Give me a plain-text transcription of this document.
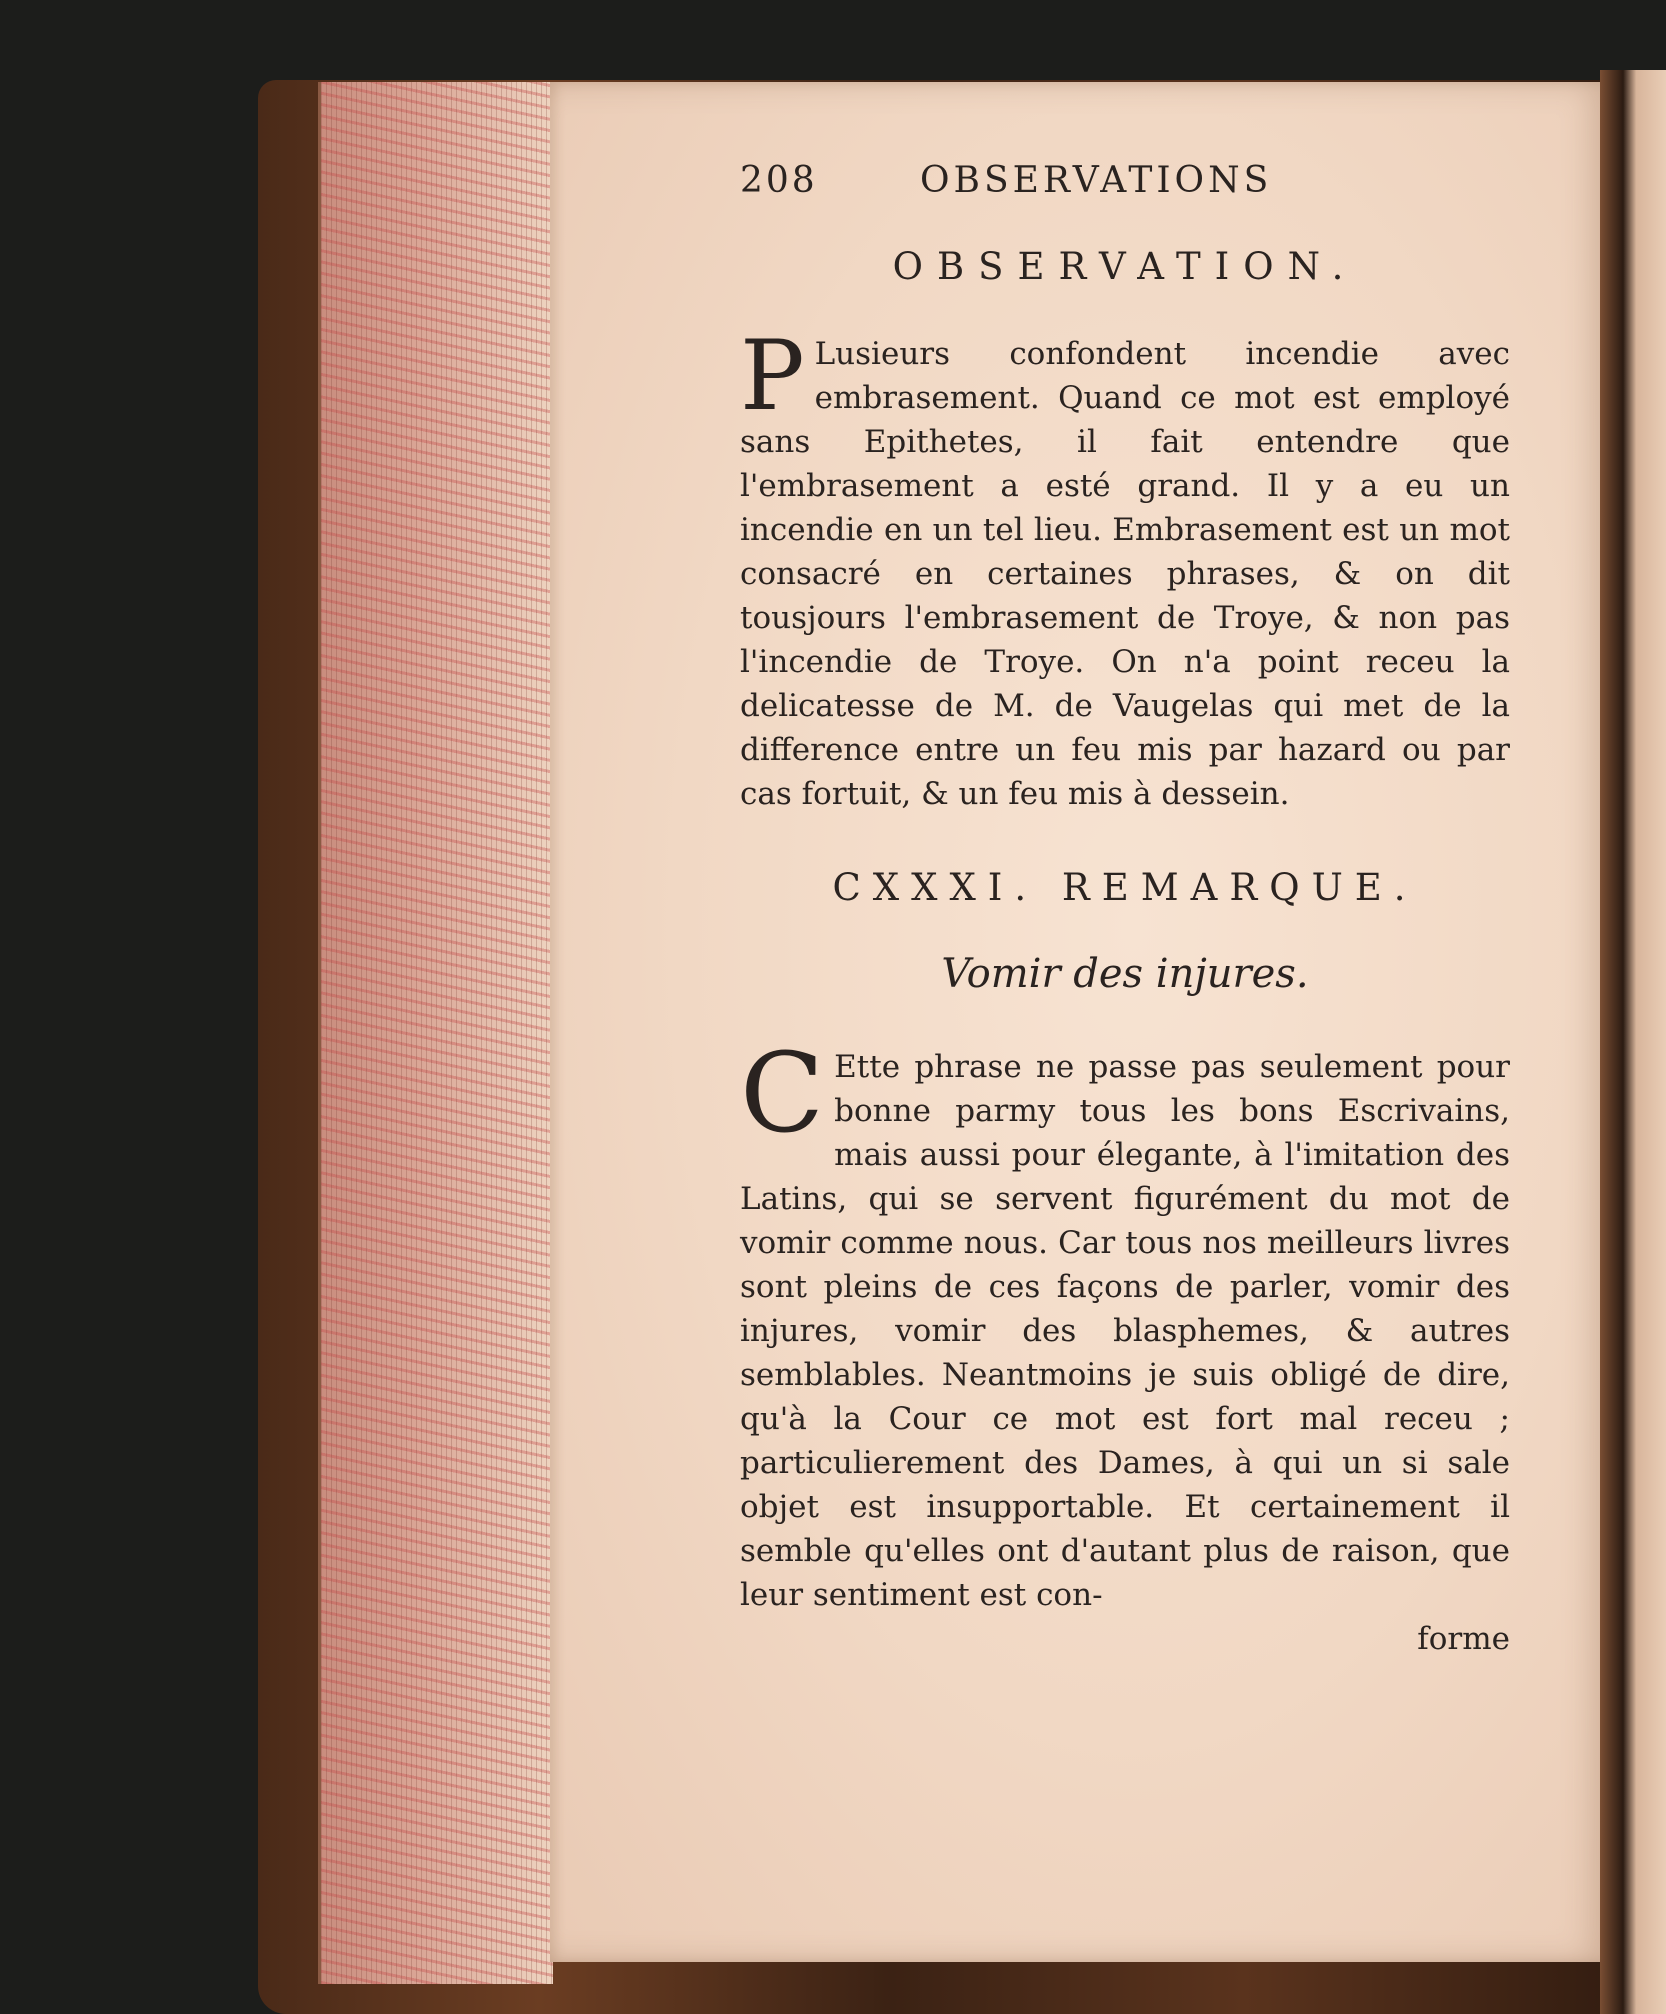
208	OBSERVATIONS
OBSERVATION.

P Lusieurs confondent incendie avec embrasement. Quand ce mot est employé sans Epithetes, il fait entendre que l'embrasement a esté grand. Il y a eu un incendie en un tel lieu. Embrasement est un mot consacré en certaines phrases, & on dit tousjours l'embrasement de Troye, & non pas l'incendie de Troye. On n'a point receu la delicatesse de M. de Vaugelas qui met de la difference entre un feu mis par hazard ou par cas fortuit, & un feu mis à dessein.

CXXXI. REMARQUE.
Vomir des injures.

C Ette phrase ne passe pas seulement pour bonne parmy tous les bons Escrivains, mais aussi pour élegante, à l'imitation des Latins, qui se servent figurément du mot de vomir comme nous. Car tous nos meilleurs livres sont pleins de ces façons de parler, vomir des injures, vomir des blasphemes, & autres semblables. Neantmoins je suis obligé de dire, qu'à la Cour ce mot est fort mal receu ; particulierement des Dames, à qui un si sale objet est insupportable. Et certainement il semble qu'elles ont d'autant plus de raison, que leur sentiment est con-

forme
